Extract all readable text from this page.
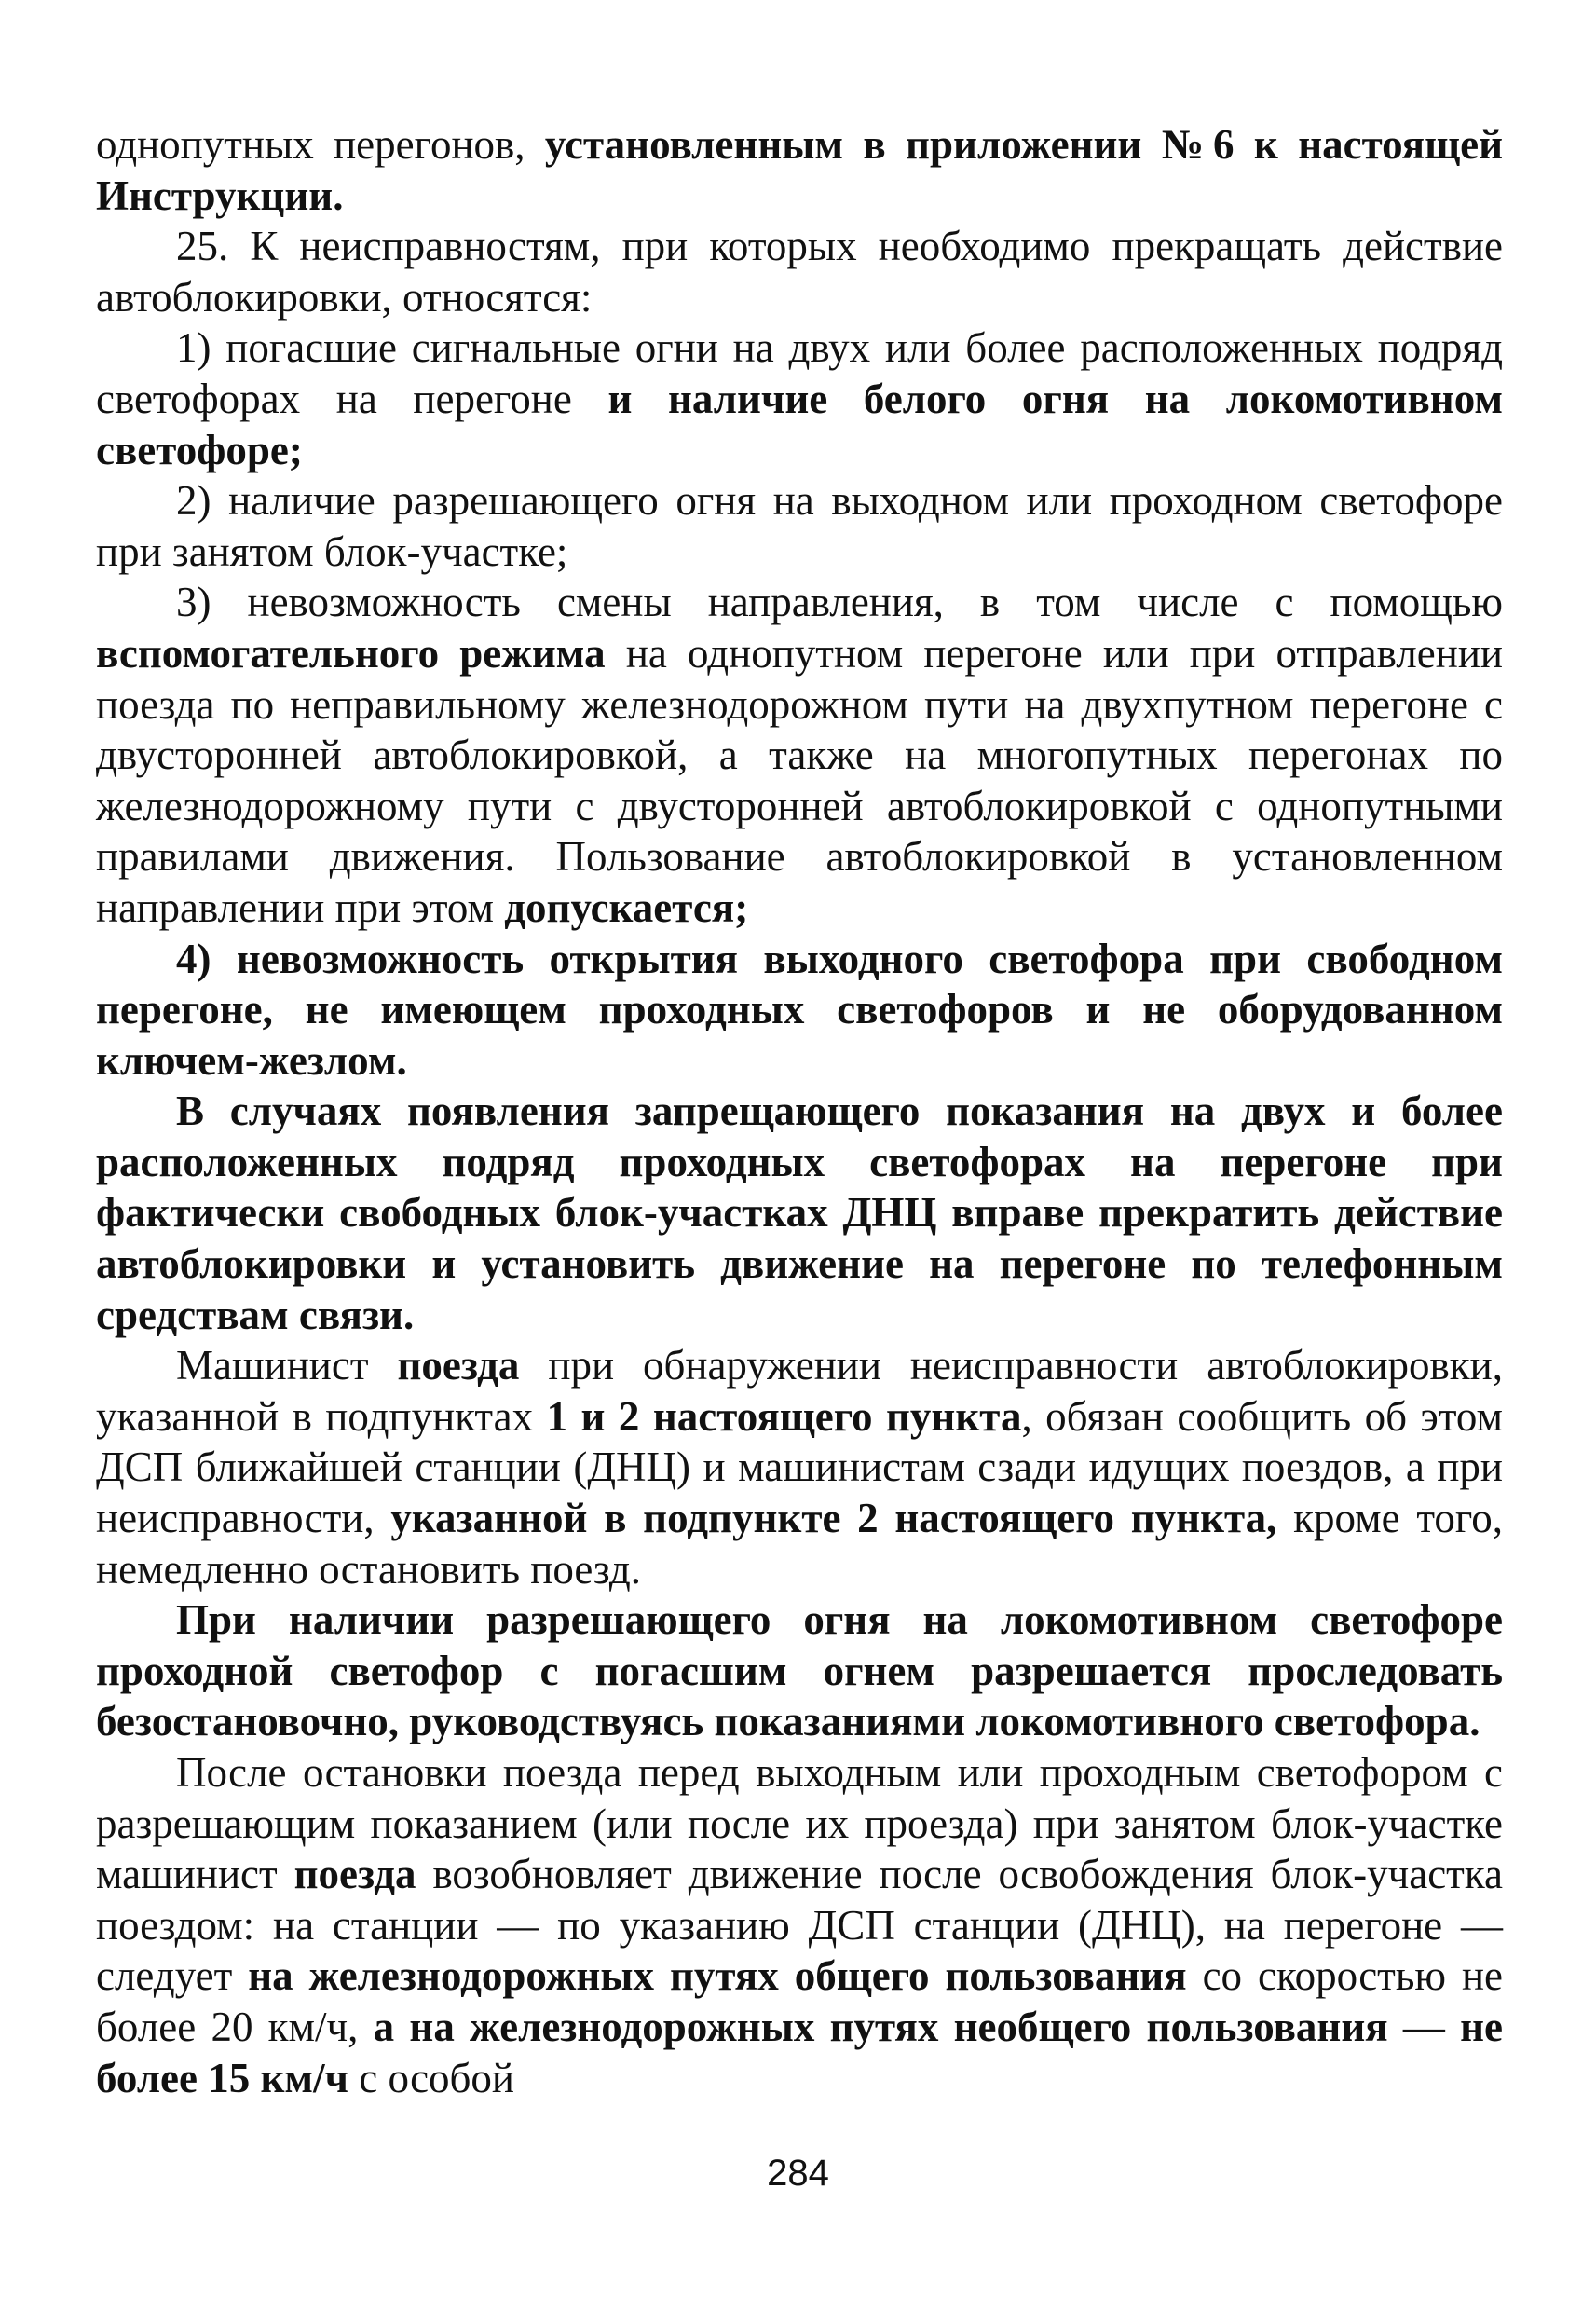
однопутных перегонов, установленным в приложении №6 к настоящей Инструкции.

25. К неисправностям, при которых необходимо прекращать действие автоблокировки, относятся:

1) погасшие сигнальные огни на двух или более расположенных подряд светофорах на перегоне и наличие белого огня на локомотивном светофоре;

2) наличие разрешающего огня на выходном или проходном светофоре при занятом блок-участке;

3) невозможность смены направления, в том числе с помощью вспомогательного режима на однопутном перегоне или при отправлении поезда по неправильному железнодорожном пути на двухпутном перегоне с двусторонней автоблокировкой, а также на многопутных перегонах по железнодорожному пути с двусторонней автоблокировкой с однопутными правилами движения. Пользование автоблокировкой в установленном направлении при этом допускается;

4) невозможность открытия выходного светофора при свободном перегоне, не имеющем проходных светофоров и не оборудованном ключем-жезлом.

В случаях появления запрещающего показания на двух и более расположенных подряд проходных светофорах на перегоне при фактически свободных блок-участках ДНЦ вправе прекратить действие автоблокировки и установить движение на перегоне по телефонным средствам связи.

Машинист поезда при обнаружении неисправности автоблокировки, указанной в подпунктах 1 и 2 настоящего пункта, обязан сообщить об этом ДСП ближайшей станции (ДНЦ) и машинистам сзади идущих поездов, а при неисправности, указанной в подпункте 2 настоящего пункта, кроме того, немедленно остановить поезд.

При наличии разрешающего огня на локомотивном светофоре проходной светофор с погасшим огнем разрешается проследовать безостановочно, руководствуясь показаниями локомотивного светофора.

После остановки поезда перед выходным или проходным светофором с разрешающим показанием (или после их проезда) при занятом блок-участке машинист поезда возобновляет движение после освобождения блок-участка поездом: на станции — по указанию ДСП станции (ДНЦ), на перегоне — следует на железнодорожных путях общего пользования со скоростью не более 20 км/ч, а на железнодорожных путях необщего пользования — не более 15 км/ч с особой

284
